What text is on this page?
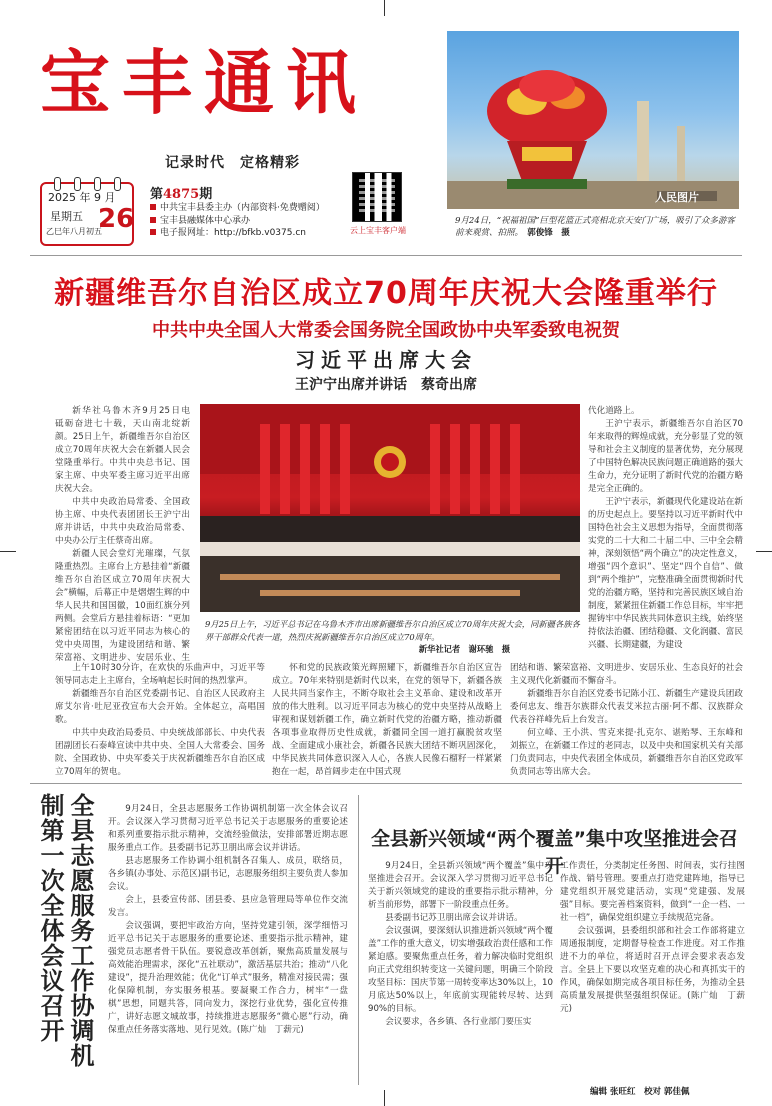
宝丰通讯
记录时代　定格精彩
2025 年 9 月
星期五
乙巳年八月初五
26
第4875期
中共宝丰县委主办（内部资料·免费赠阅）
宝丰县融媒体中心承办
电子报网址：http://bfkb.v0375.cn	云上宝丰客户端
人民图片
9月24日，“祝福祖国”巨型花篮正式亮相北京天安门广场，吸引了众多游客前来观赏、拍照。　 郭俊锋　摄
新疆维吾尔自治区成立70周年庆祝大会隆重举行
中共中央全国人大常委会国务院全国政协中央军委致电祝贺
习近平出席大会
王沪宁出席并讲话　蔡奇出席

新华社乌鲁木齐9月25日电　砥砺奋进七十载，天山南北绽新颜。25日上午，新疆维吾尔自治区成立70周年庆祝大会在新疆人民会堂隆重举行。中共中央总书记、国家主席、中央军委主席习近平出席庆祝大会。

中共中央政治局常委、全国政协主席、中央代表团团长王沪宁出席并讲话，中共中央政治局常委、中央办公厅主任蔡奇出席。

新疆人民会堂灯光璀璨，气氛隆重热烈。主席台上方悬挂着“新疆维吾尔自治区成立70周年庆祝大会”横幅，后幕正中是熠熠生辉的中华人民共和国国徽，10面红旗分列两侧。会堂后方悬挂着标语：“更加紧密团结在以习近平同志为核心的党中央周围，为建设团结和谐、繁荣富裕、文明进步、安居乐业、生

上午10时30分许，在欢快的乐曲声中，习近平等领导同志走上主席台，全场响起长时间的热烈掌声。

新疆维吾尔自治区党委副书记、自治区人民政府主席艾尔肯·吐尼亚孜宣布大会开始。全体起立，高唱国歌。

中共中央政治局委员、中央统战部部长、中央代表团副团长石泰峰宣读中共中央、全国人大常委会、国务院、全国政协、中央军委关于庆祝新疆维吾尔自治区成立70周年的贺电。

怀和党的民族政策光辉照耀下，新疆维吾尔自治区宣告成立。70年来特别是新时代以来，在党的领导下，新疆各族人民共同当家作主，不断夺取社会主义革命、建设和改革开放的伟大胜利。以习近平同志为核心的党中央坚持从战略上审视和谋划新疆工作，确立新时代党的治疆方略，推动新疆各项事业取得历史性成就，新疆同全国一道打赢脱贫攻坚战、全面建成小康社会，新疆各民族大团结不断巩固深化，中华民族共同体意识深入人心，各族人民像石榴籽一样紧紧抱在一起，昂首阔步走在中国式现

代化道路上。

王沪宁表示，新疆维吾尔自治区70年来取得的辉煌成就，充分彰显了党的领导和社会主义制度的显著优势，充分展现了中国特色解决民族问题正确道路的强大生命力，充分证明了新时代党的治疆方略是完全正确的。

王沪宁表示，新疆现代化建设站在新的历史起点上。要坚持以习近平新时代中国特色社会主义思想为指导，全面贯彻落实党的二十大和二十届二中、三中全会精神，深刻领悟“两个确立”的决定性意义，增强“四个意识”、坚定“四个自信”、做到“两个维护”，完整准确全面贯彻新时代党的治疆方略，坚持和完善民族区域自治制度，紧紧扭住新疆工作总目标，牢牢把握铸牢中华民族共同体意识主线，始终坚持依法治疆、团结稳疆、文化润疆、富民兴疆、长期建疆，为建设

团结和谐、繁荣富裕、文明进步、安居乐业、生态良好的社会主义现代化新疆而不懈奋斗。

新疆维吾尔自治区党委书记陈小江、新疆生产建设兵团政委何忠友、维吾尔族群众代表艾米拉古丽·阿不都、汉族群众代表谷祥峰先后上台发言。

何立峰、王小洪、雪克来提·扎克尔、谌贻琴、王东峰和刘振立，在新疆工作过的老同志，以及中央和国家机关有关部门负责同志，中央代表团全体成员，新疆维吾尔自治区党政军负责同志等出席大会。

9月25日上午，习近平总书记在乌鲁木齐市出席新疆维吾尔自治区成立70周年庆祝大会，同新疆各族各界干部群众代表一道，热烈庆祝新疆维吾尔自治区成立70周年。
新华社记者　谢环驰　摄
全县志愿服务工作协调机制第一次全体会议召开	9月24日，全县志愿服务工作协调机制第一次全体会议召开。会议深入学习贯彻习近平总书记关于志愿服务的重要论述和系列重要指示批示精神，交流经验做法，安排部署近期志愿服务重点工作。县委副书记苏卫朋出席会议并讲话。

县志愿服务工作协调小组机制各召集人、成员，联络员，各乡镇(办事处、示范区)副书记，志愿服务组织主要负责人参加会议。

会上，县委宣传部、团县委、县应急管理局等单位作交流发言。

会议强调，要把牢政治方向，坚持党建引领，深学细悟习近平总书记关于志愿服务的重要论述、重要指示批示精神，建强党员志愿者骨干队伍。要锐意改革创新，聚焦高质量发展与高效能治理需求，深化“五社联动”，激活基层共治；推动“八化建设”，提升治理效能；优化“订单式”服务，精准对接民需；强化保障机制，夯实服务根基。要凝聚工作合力，树牢“一盘棋”思想，同题共答，同向发力，深挖行业优势，强化宣传推广，讲好志愿文城故事，持续推进志愿服务“微心愿”行动，确保重点任务落实落地、见行见效。(陈广灿　丁薪元)

全县新兴领域“两个覆盖”集中攻坚推进会召开

9月24日，全县新兴领域“两个覆盖”集中攻坚推进会召开。会议深入学习贯彻习近平总书记关于新兴领域党的建设的重要指示批示精神，分析当前形势，部署下一阶段重点任务。

县委副书记苏卫朋出席会议并讲话。

会议强调，要深刻认识推进新兴领域“两个覆盖”工作的重大意义，切实增强政治责任感和工作紧迫感。要聚焦重点任务，着力解决临时党组织向正式党组织转变这一关键问题，明确三个阶段攻坚目标：国庆节第一周转变率达30%以上，10月底达50%以上，年底前实现能转尽转、达到90%的目标。

会议要求，各乡镇、各行业部门要压实

工作责任，分类制定任务图、时间表，实行挂图作战、销号管理。要重点打造党建阵地，指导已建党组织开展党建活动，实现“党建强、发展强”目标。要完善档案资料，做到“一企一档、一社一档”，确保党组织建立手续规范完备。

会议强调，县委组织部和社会工作部将建立周通报制度，定期督导检查工作进度。对工作推进不力的单位，将适时召开点评会要求表态发言。全县上下要以攻坚克难的决心和真抓实干的作风，确保如期完成各项目标任务，为推动全县高质量发展提供坚强组织保证。(陈广灿　丁薪元)

编辑 张旺红　校对 郭佳佩
